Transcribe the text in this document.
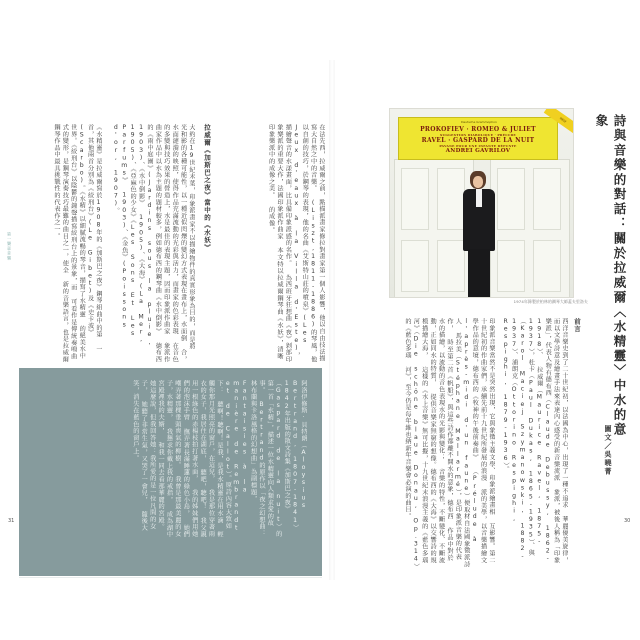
第一樂章音樂	在法先西，拉威爾之前，點描派畫家修拉對畫家第一個人影響，他以自由技法描寫大自然之中的音樂。 (Liszt,1811-1886)的琴風，他以自創的技巧，於鋼琴的表現，他的名曲《艾斯特山莊的噴泉》(Les Jeux d'eaux à la Villa d'Este)，描繪聲音的水漾畫面，比具備印象派感的名作。 為西班牙狂想曲《夜》剝部印象樂派的重要大作，法國印象派作曲家 本文特以拉威爾鋼琴曲《水妖》，清晰印象樂派中的成像之美。 的成像。
拉威爾《加斯巴之夜》當中的《水妖》
大約在19世紀末葉，印象派畫家不以描繪物件的真實形象為目的，而是將 光和影的各種可能性，以一種近似閃爍的變幻方式表現在畫布上，水面倒 合，水面漣漪的映照，使得作品充滿流動的光彩與活力，而畫家的色彩表現 在音色的多變與技巧效果的營造上，水是最佳的表現主題，因而印象派作曲家 象派作曲家作品中以水為主題的題材較多，例如德布西的鋼琴曲《水中倒影》 德布西的《雨中庭園》(Jardins sous la pluie, 1903)、《水中倒影》 1905)、《大海》(La Mer, 1905)、《亞麻色的少女》《Les Sons Et Les Parfums》 1903)、《金魚》(Poissons d'or, 1907)。
《水精靈》是拉威爾寫於1908年的《加斯巴之夜》鋼琴組曲中的第 一首，其他兩首分別為《絞刑台》(Le Gibet)及《史卡波》 (Scarbo)。《水精》以細膩流暢的琴音，描寫了水精靈 的絕美水中世界。《絞刑台》以陰鬱的鐘聲描寫絞刑台上的景象，而 可看作是傳統奏鳴曲式的變形，是鋼琴演奏技巧最難的曲目之一，使全 新的音樂語言，也是拉威爾鋼琴作品中最具挑戰性的代表作之一。
阿洛伊修斯·貝特朗（Aloysius Bertrand, 1807-1841） 1842年出版的散文詩集《加斯巴之夜》（Gaspard de la nuit）的第一首「水精」，描述一位水精靈向人類求愛的故事。 Bertrand的原作以「夜之幻想曲：林布蘭與卡洛風格的幻想曲」為副標題， Fantaisies à la manière de Rembrandt et de Callot）。原詩內容大致如下： 聽啊！聽啊！是我，是我水精靈在用水滴 輕觸你那月光照亮的窗戶，在這兒， 我是那位穿著雨衣的女子，我居住在湖底， 聽吧，聽吧！ 我父親用一根綠色的赤楊枝拍打著水面， 我的姊妹們用她們的泡沫手臂 撫弄著長滿睡蓮的綠色小島， 她們嘲弄著那棵垂頭喪氣的柳樹。 我曾是那最美麗的女子，水精靈， 我懇求你戴上我的戒指， 成為湖中宮殿裡我的夫婿， 和我一同去看那華麗的宮殿。 她這麼說，但我回答她：我所愛的是一位凡間的女子， 她聽了非常生氣，又哭了一會兒， 隨後大笑，消失在藍色的窗戶上。
31
詩與音樂的對話：關於拉威爾〈水精靈〉中水的意象
圖文／吳曉菁
Deutsche Grammophon
PROKOFIEV · ROMEO & JULIET
SUGGESTION DIABOLIQUE · PRÉLUDE
RAVEL · GASPARD DE LA NUIT
PAVANE POUR UNE INFANTE DÉFUNTE
ANDREI GAVRILOV
NEW
1974年錄製於柏林的鋼琴大師蓋夫里洛夫
前言
西洋音樂史到了二十世紀初，以法國為中心，出現了一種不追求 華麗優美旋律，而以文學詩意及繪畫手法來表達內心感受的新音樂流派 象派，被後人稱為「印象樂派」，代表人物有德布西（Claude Debussy, 1862-1918）、 拉威爾（Maurice Ravel, 1875-1937），杜卡（Paul Dukas, 1865-1935）、與 （Karol Maciej Szymanowski, 1882-1937）、浦朗克（Ottorino Respighi, Respighi, 1879-1936）。
印象派音樂當然不是突然出現，它與象徵主義文學、印象派繪畫相 互影響。第二十世紀初的作曲家們，承續先前十九世紀所發展的浪漫 派的美學，以音樂描繪文學作品的意境，德布西的《牧神的午後前奏曲》 （Prélude à l'après-midi d'un faune）便取材自法國象徵派詩人 馬拉美（Stéphane Mallarmé），是印象派音樂的代表作， 時至第二首《帆船》，與這些詩作都離不開水的意象，德布西 作品中對於水的描繪，以流動的音色表現水的光影與變化； 音樂的特性，不斷變化、不斷流動，正如同水的特質， 提供音樂家無窮的想像。德布西的《大海》以交響詩的規模描繪大海， 這樣的《水上音樂》無可比擬，十九世紀末浪漫主義的《藍色多瑙河》（Die schöne blaue Donau, Op.314）的《藍色多瑙 河》，至今仍是每年維也納新年音樂會必演的曲目。
30
